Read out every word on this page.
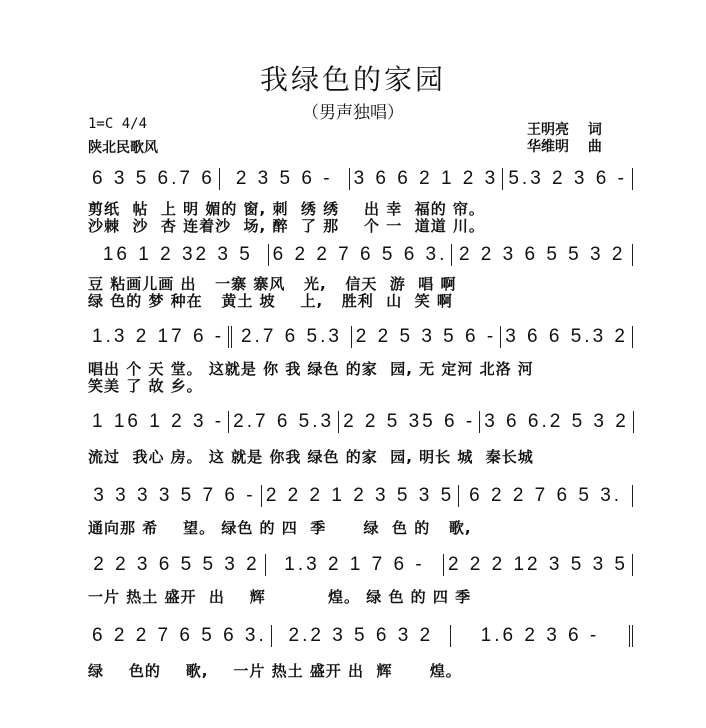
我绿色的家园
（男声独唱）
1=C 4/4
陕北民歌风
王明亮　 词
华维明　 曲
6 3 5 6.7 6	2 3 5 6 -	3 6 6 2 1 2 3 5.3 2 3 6 -
剪纸  帖  上 明 媚的 窗, 刺  绣 绣    出 幸  福的 帘。
沙棘  沙  杏 连着沙  场, 醉  了 那    个 一  道道 川。
16 1 2 32 3 5	6 2 2 7 6 5 6 3. 2 2 3 6 5 5 3 2
豆 粘画儿画 出   一寨 寨风   光,   信天  游  唱 啊
绿 色的 梦 种在   黄土 坡    上,   胜利  山  笑 啊
1.3 2 17 6 - 2.7 6 5.3 2 2 5 3 5 6 - 3 6 6 5.3 2
唱出 个 天 堂。 这就是 你 我 绿色 的家  园, 无 定河 北洛 河
笑美 了 故 乡。
1 16 1 2 3 - 2.7 6 5.3 2 2 5 35 6 - 3 6 6.2 5 3 2
流过  我心 房。 这 就是 你我 绿色 的家  园, 明长 城  秦长城
3 3 3 3 5 7 6 - 2 2 2 1 2 3 5 3 5 6 2 2 7 6 5 3.
通向那 希    望。 绿色 的 四  季      绿  色 的   歌,
2 2 3 6 5 5 3 2	1.3 2 1 7 6 -	2 2 2 12 3 5 3 5
一片 热土 盛开  出    辉          煌。 绿 色 的 四 季
6 2 2 7 6 5 6 3.	2.2 3 5 6 3 2	1.6 2 3 6 -
绿    色的    歌,    一片 热土 盛开 出  辉      煌。
